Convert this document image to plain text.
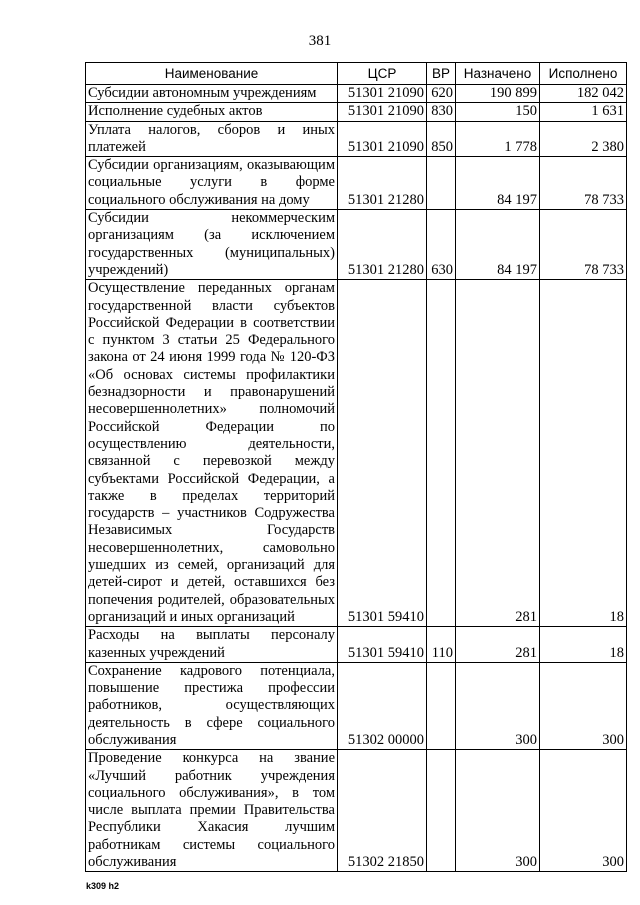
381
Наименование	ЦСР	ВР	Назначено	Исполнено
Субсидии автономным учреждениям	51301 21090	620	190 899	182 042
Исполнение судебных актов	51301 21090	830	150	1 631
Уплата налогов, сборов и иных платежей	51301 21090	850	1 778	2 380
Субсидии организациям, оказывающим социальные услуги в форме социального обслуживания на дому	51301 21280		84 197	78 733
Субсидии некоммерческим организациям (за исключением государственных (муниципальных) учреждений)	51301 21280	630	84 197	78 733
Осуществление переданных органам государственной власти субъектов Российской Федерации в соответствии с пунктом 3 статьи 25 Федерального закона от 24 июня 1999 года № 120-ФЗ «Об основах системы профилактики безнадзорности и правонарушений несовершеннолетних» полномочий Российской Федерации по осуществлению деятельности, связанной с перевозкой между субъектами Российской Федерации, а также в пределах территорий государств – участников Содружества Независимых Государств несовершеннолетних, самовольно ушедших из семей, организаций для детей-сирот и детей, оставшихся без попечения родителей, образовательных организаций и иных организаций	51301 59410		281	18
Расходы на выплаты персоналу казенных учреждений	51301 59410	110	281	18
Сохранение кадрового потенциала, повышение престижа профессии работников, осуществляющих деятельность в сфере социального обслуживания	51302 00000		300	300
Проведение конкурса на звание «Лучший работник учреждения социального обслуживания», в том числе выплата премии Правительства Республики Хакасия лучшим работникам системы социального обслуживания	51302 21850		300	300
k309 h2
